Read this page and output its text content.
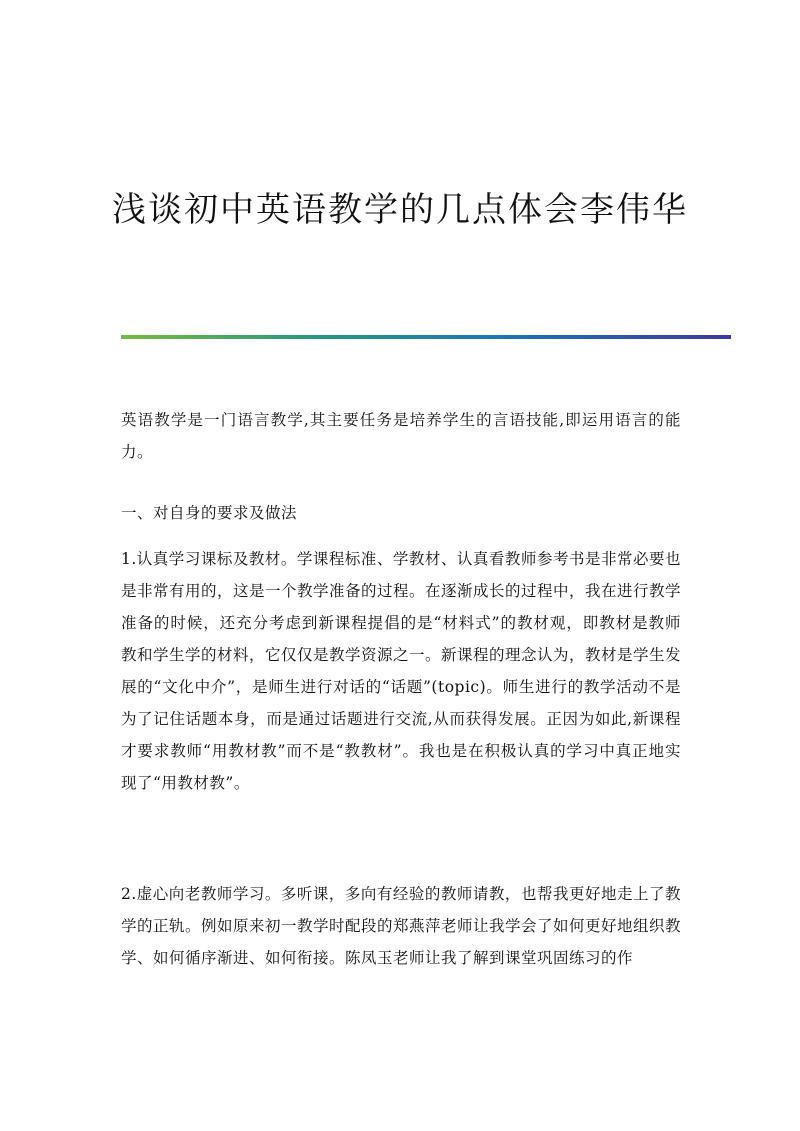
浅谈初中英语教学的几点体会李伟华
英语教学是一门语言教学,其主要任务是培养学生的言语技能,即运用语言的能力。
一、对自身的要求及做法
1.认真学习课标及教材。学课程标准、学教材、认真看教师参考书是非常必要也是非常有用的，这是一个教学准备的过程。在逐渐成长的过程中，我在进行教学准备的时候，还充分考虑到新课程提倡的是“材料式”的教材观，即教材是教师教和学生学的材料，它仅仅是教学资源之一。新课程的理念认为，教材是学生发展的“文化中介”，是师生进行对话的“话题”(topic)。师生进行的教学活动不是为了记住话题本身，而是通过话题进行交流,从而获得发展。正因为如此,新课程才要求教师“用教材教”而不是“教教材”。我也是在积极认真的学习中真正地实现了“用教材教”。
2.虚心向老教师学习。多听课，多向有经验的教师请教，也帮我更好地走上了教学的正轨。例如原来初一教学时配段的郑燕萍老师让我学会了如何更好地组织教学、如何循序渐进、如何衔接。陈凤玉老师让我了解到课堂巩固练习的作
